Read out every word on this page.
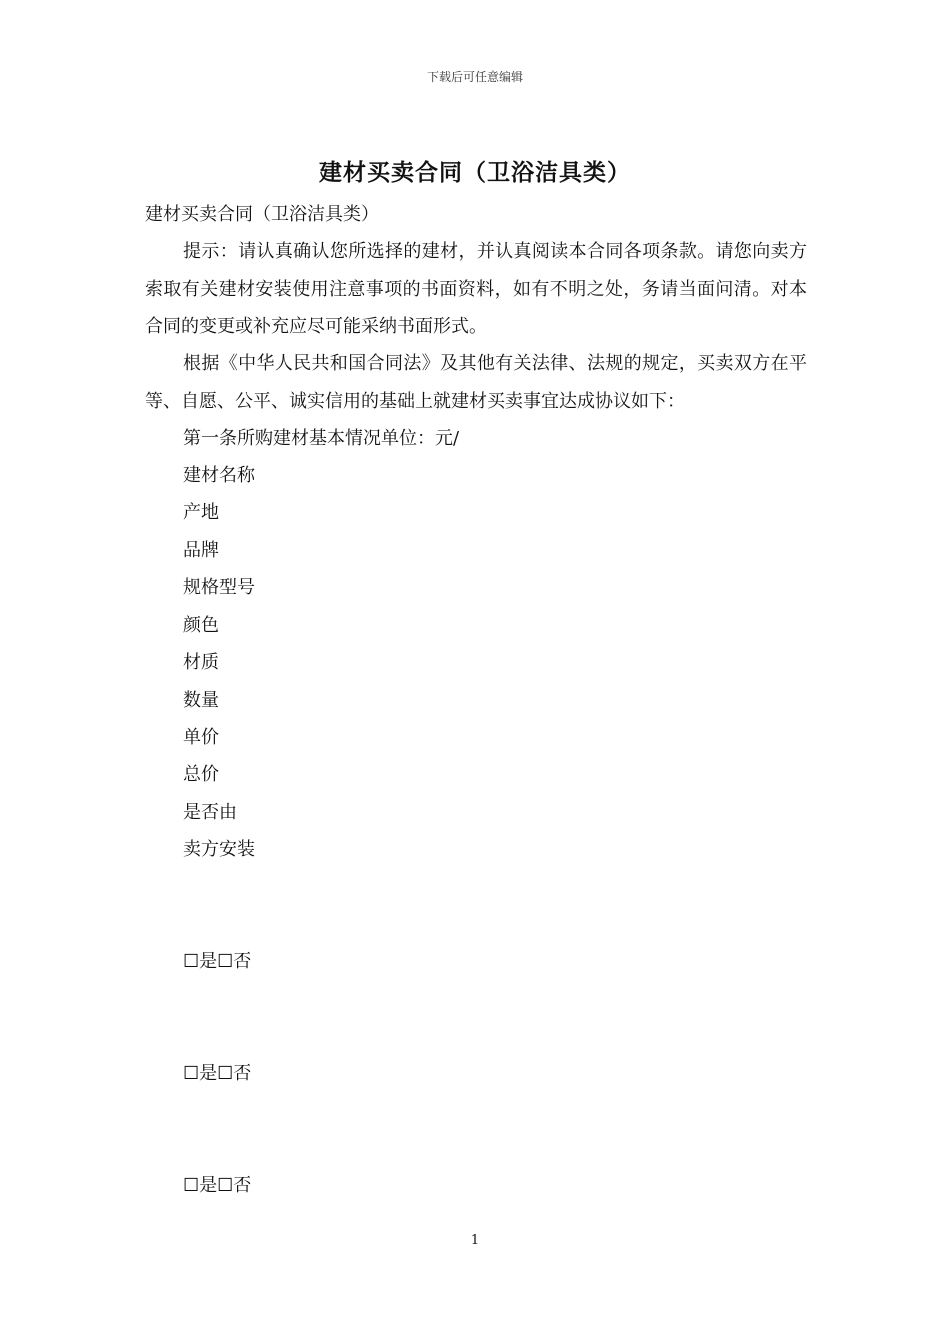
下载后可任意编辑
建材买卖合同（卫浴洁具类）
建材买卖合同（卫浴洁具类）
提示：请认真确认您所选择的建材，并认真阅读本合同各项条款。请您向卖方索取有关建材安装使用注意事项的书面资料，如有不明之处，务请当面问清。对本合同的变更或补充应尽可能采纳书面形式。
根据《中华人民共和国合同法》及其他有关法律、法规的规定，买卖双方在平等、自愿、公平、诚实信用的基础上就建材买卖事宜达成协议如下：
第一条所购建材基本情况单位：元/
建材名称
产地
品牌
规格型号
颜色
材质
数量
单价
总价
是否由
卖方安装
☐是☐否
☐是☐否
☐是☐否
1
